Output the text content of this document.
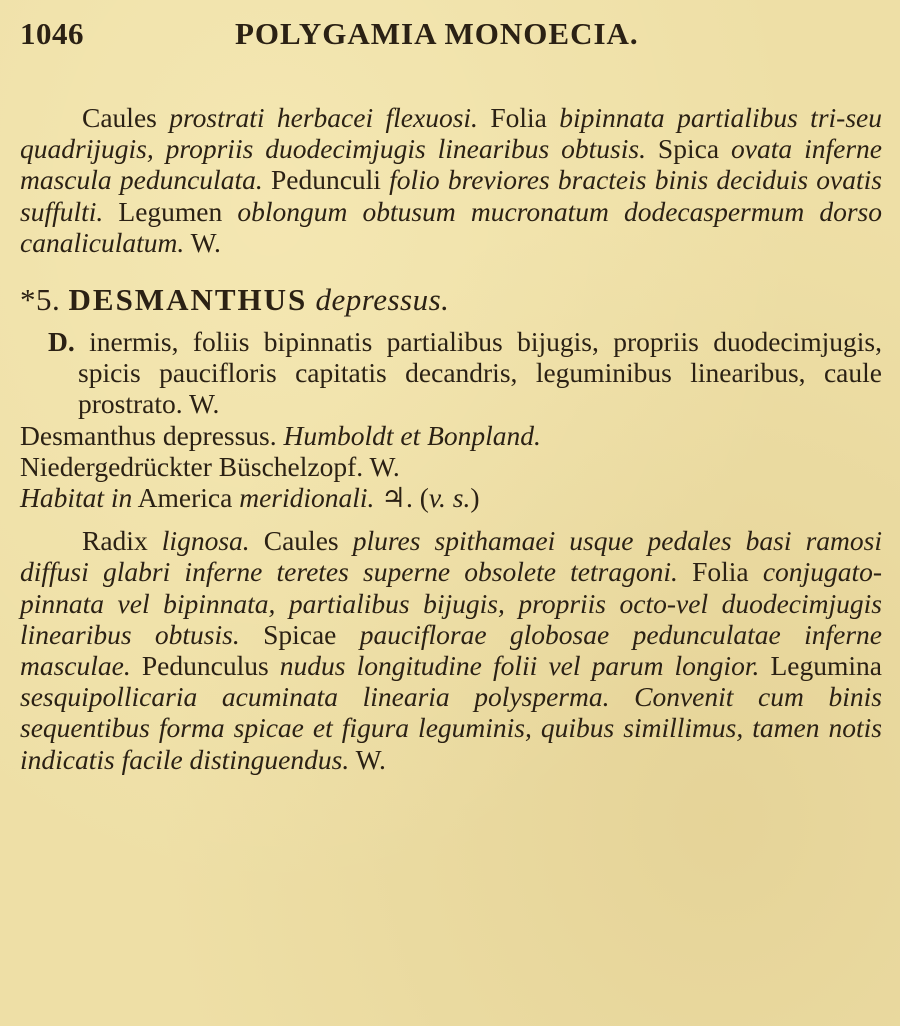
1046	POLYGAMIA MONOECIA.

Caules prostrati herbacei flexuosi. Folia bipinnata partialibus tri-seu quadrijugis, propriis duodecimjugis linearibus obtusis. Spica ovata inferne mascula pedunculata. Pedunculi folio breviores bracteis binis deciduis ovatis suffulti. Legumen oblongum obtusum mucronatum dodecaspermum dorso canaliculatum. W.

*5. DESMANTHUS depressus.

D. inermis, foliis bipinnatis partialibus bijugis, propriis duodecimjugis, spicis paucifloris capitatis decandris, leguminibus linearibus, caule prostrato. W.

Desmanthus depressus. Humboldt et Bonpland.

Niedergedrückter Büschelzopf. W.

Habitat in America meridionali. ♃. (v. s.)

Radix lignosa. Caules plures spithamaei usque pedales basi ramosi diffusi glabri inferne teretes superne obsolete tetragoni. Folia conjugato-pinnata vel bipinnata, partialibus bijugis, propriis octo-vel duodecimjugis linearibus obtusis. Spicae pauciflorae globosae pedunculatae inferne masculae. Pedunculus nudus longitudine folii vel parum longior. Legumina sesquipollicaria acuminata linearia polysperma. Convenit cum binis sequentibus forma spicae et figura leguminis, quibus simillimus, tamen notis indicatis facile distinguendus. W.
